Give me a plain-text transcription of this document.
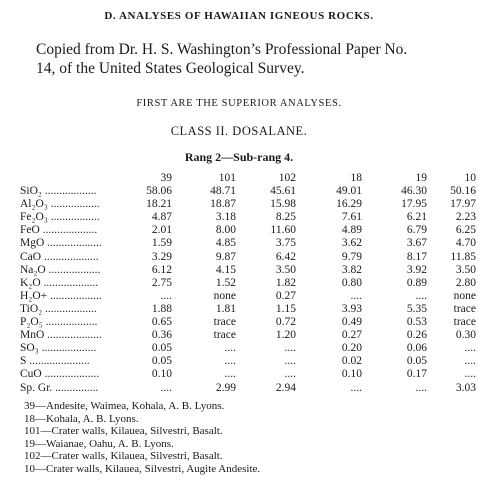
D. ANALYSES OF HAWAIIAN IGNEOUS ROCKS.
Copied from Dr. H. S. Washington’s Professional Paper No.
14, of the United States Geological Survey.
FIRST ARE THE SUPERIOR ANALYSES.
CLASS II. DOSALANE.
Rang 2—Sub-rang 4.
39	101	102	18	19	10
SiO₂ ..................	58.06	48.71	45.61	49.01	46.30	50.16
Al₂O₃ .................	18.21	18.87	15.98	16.29	17.95	17.97
Fe₂O₃ .................	4.87	3.18	8.25	7.61	6.21	2.23
FeO ...................	2.01	8.00	11.60	4.89	6.79	6.25
MgO ...................	1.59	4.85	3.75	3.62	3.67	4.70
CaO ...................	3.29	9.87	6.42	9.79	8.17	11.85
Na₂O ..................	6.12	4.15	3.50	3.82	3.92	3.50
K₂O ...................	2.75	1.52	1.82	0.80	0.89	2.80
H₂O+ ..................	....	none	0.27	....	....	none
TiO₂ ..................	1.88	1.81	1.15	3.93	5.35	trace
P₂O₅ ..................	0.65	trace	0.72	0.49	0.53	trace
MnO ...................	0.36	trace	1.20	0.27	0.26	0.30
SO₃ ...................	0.05	....	....	0.20	0.06	....
S .....................	0.05	....	....	0.02	0.05	....
CuO ...................	0.10	....	....	0.10	0.17	....
Sp. Gr. ...............	....	2.99	2.94	....	....	3.03
39—Andesite, Waimea, Kohala, A. B. Lyons.
18—Kohala, A. B. Lyons.
101—Crater walls, Kilauea, Silvestri, Basalt.
19—Waianae, Oahu, A. B. Lyons.
102—Crater walls, Kilauea, Silvestri, Basalt.
10—Crater walls, Kilauea, Silvestri, Augite Andesite.
